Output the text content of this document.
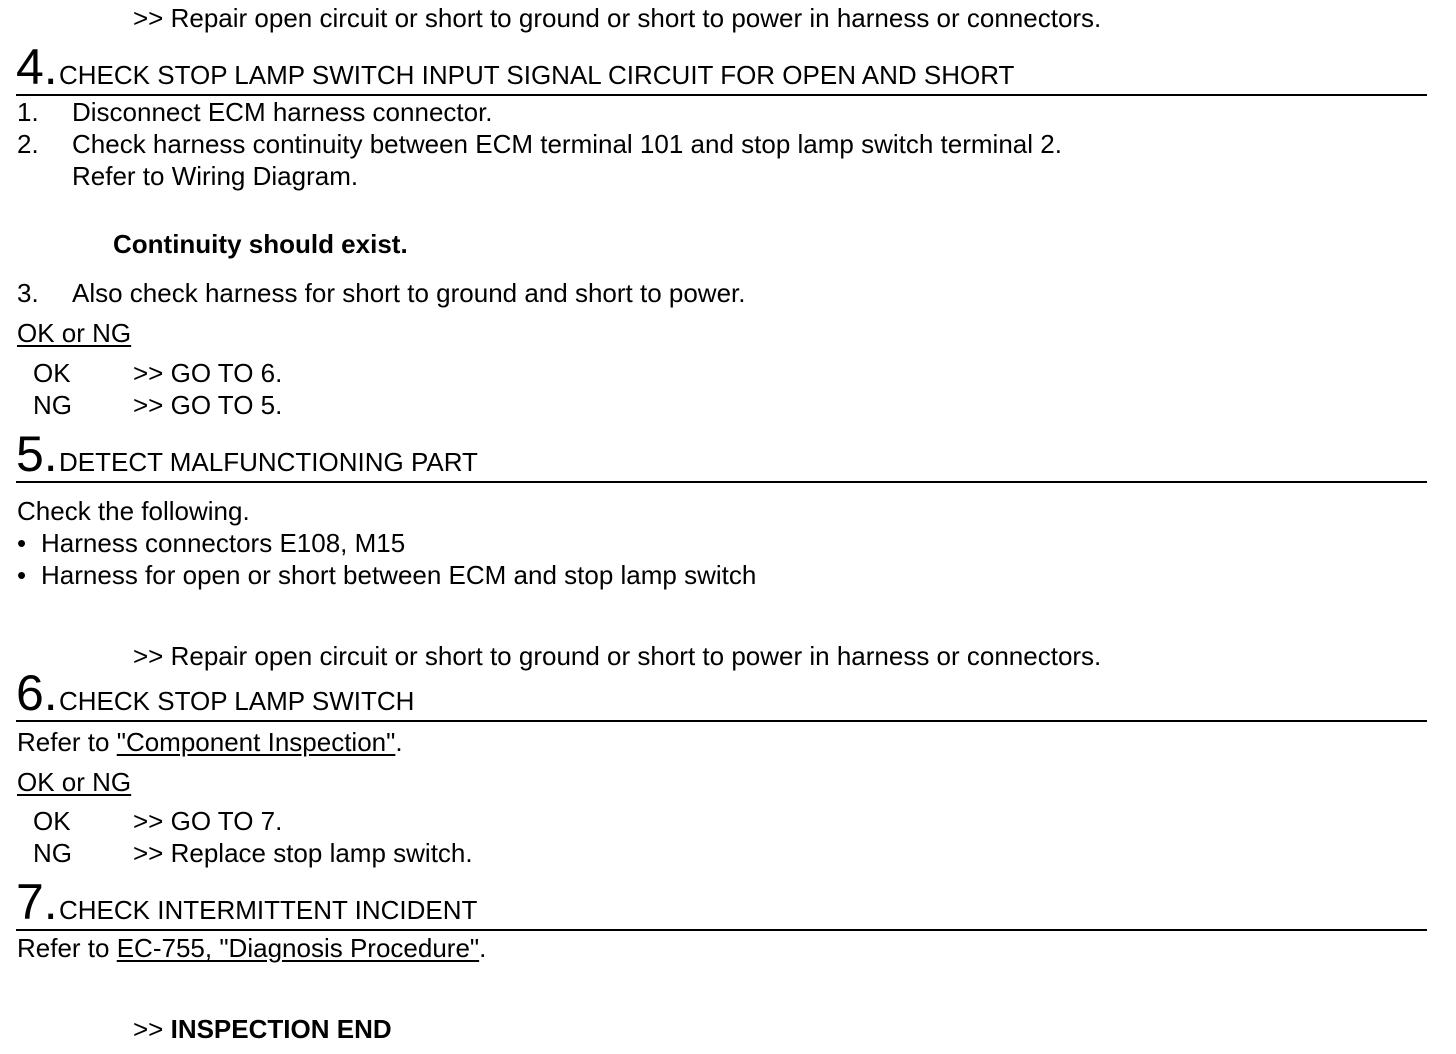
>> Repair open circuit or short to ground or short to power in harness or connectors.
4. CHECK STOP LAMP SWITCH INPUT SIGNAL CIRCUIT FOR OPEN AND SHORT
1. Disconnect ECM harness connector.
2. Check harness continuity between ECM terminal 101 and stop lamp switch terminal 2.
Refer to Wiring Diagram.
Continuity should exist.
3. Also check harness for short to ground and short to power.
OK or NG
OK >> GO TO 6.
NG >> GO TO 5.
5. DETECT MALFUNCTIONING PART
Check the following.
• Harness connectors E108, M15
• Harness for open or short between ECM and stop lamp switch
>> Repair open circuit or short to ground or short to power in harness or connectors.
6. CHECK STOP LAMP SWITCH
Refer to "Component Inspection".
OK or NG
OK >> GO TO 7.
NG >> Replace stop lamp switch.
7. CHECK INTERMITTENT INCIDENT
Refer to EC-755, "Diagnosis Procedure".
>> INSPECTION END
